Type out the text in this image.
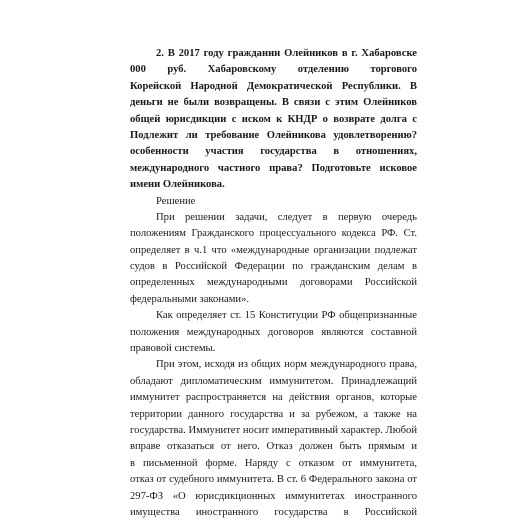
2. В 2017 году гражданин Олейников в г. Хабаровске
000 руб. Хабаровскому отделению торгового
Корейской Народной Демократической Республики. В
деньги не были возвращены. В связи с этим Олейников
общей юрисдикции с иском к КНДР о возврате долга с
Подлежит ли требование Олейникова удовлетворению?
особенности участия государства в отношениях,
международного частного права? Подготовьте исковое
имени Олейникова.
Решение
При решении задачи, следует в первую очередь
положениям Гражданского процессуального кодекса РФ. Ст.
определяет в ч.1 что «международные организации подлежат
судов в Российской Федерации по гражданским делам в
определенных международными договорами Российской
федеральными законами».
Как определяет ст. 15 Конституции РФ общепризнанные
положения международных договоров являются составной
правовой системы.
При этом, исходя из общих норм международного права,
обладают дипломатическим иммунитетом. Принадлежащий
иммунитет распространяется на действия органов, которые
территории данного государства и за рубежом, а также на
государства. Иммунитет носит императивный характер. Любой
вправе отказаться от него. Отказ должен быть прямым и
в письменной форме. Наряду с отказом от иммунитета,
отказ от судебного иммунитета. В ст. 6 Федерального закона от
297-ФЗ «О юрисдикционных иммунитетах иностранного
имущества иностранного государства в Российской
